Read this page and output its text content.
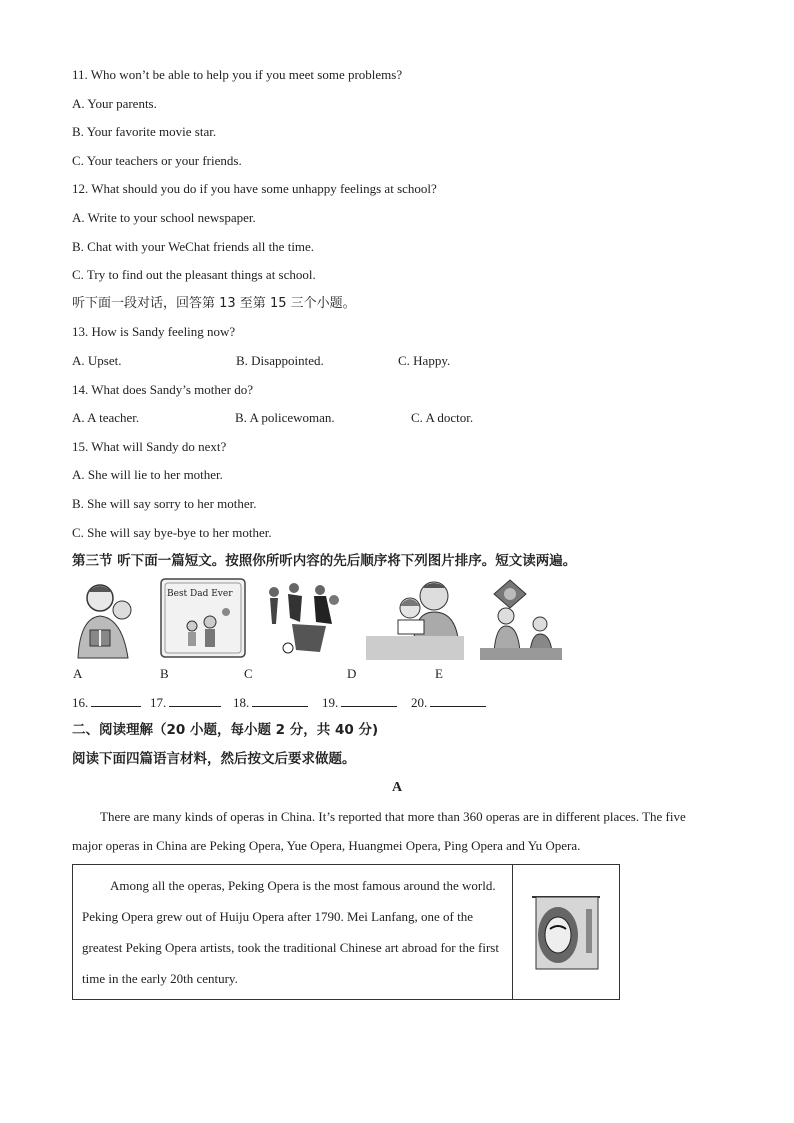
11. Who won’t be able to help you if you meet some problems?
A. Your parents.
B. Your favorite movie star.
C. Your teachers or your friends.
12. What should you do if you have some unhappy feelings at school?
A. Write to your school newspaper.
B. Chat with your WeChat friends all the time.
C. Try to find out the pleasant things at school.
听下面一段对话，回答第 13 至第 15 三个小题。
13. How is Sandy feeling now?
A. Upset.	B. Disappointed.	C. Happy.
14. What does Sandy’s mother do?
A. A teacher.	B. A policewoman.	C. A doctor.
15. What will Sandy do next?
A. She will lie to her mother.
B. She will say sorry to her mother.
C. She will say bye-bye to her mother.
第三节 听下面一篇短文。按照你所听内容的先后顺序将下列图片排序。短文读两遍。
Best Dad Ever
A	B	C	D	E
16.	17.	18.	19.	20.
二、阅读理解（20 小题，每小题 2 分，共 40 分)
阅读下面四篇语言材料，然后按文后要求做题。
A
There are many kinds of operas in China. It’s reported that more than 360 operas are in different places. The five major operas in China are Peking Opera, Yue Opera, Huangmei Opera, Ping Opera and Yu Opera.
Among all the operas, Peking Opera is the most famous around the world. Peking Opera grew out of Huiju Opera after 1790. Mei Lanfang, one of the greatest Peking Opera artists, took the traditional Chinese art abroad for the first time in the early 20th century.
